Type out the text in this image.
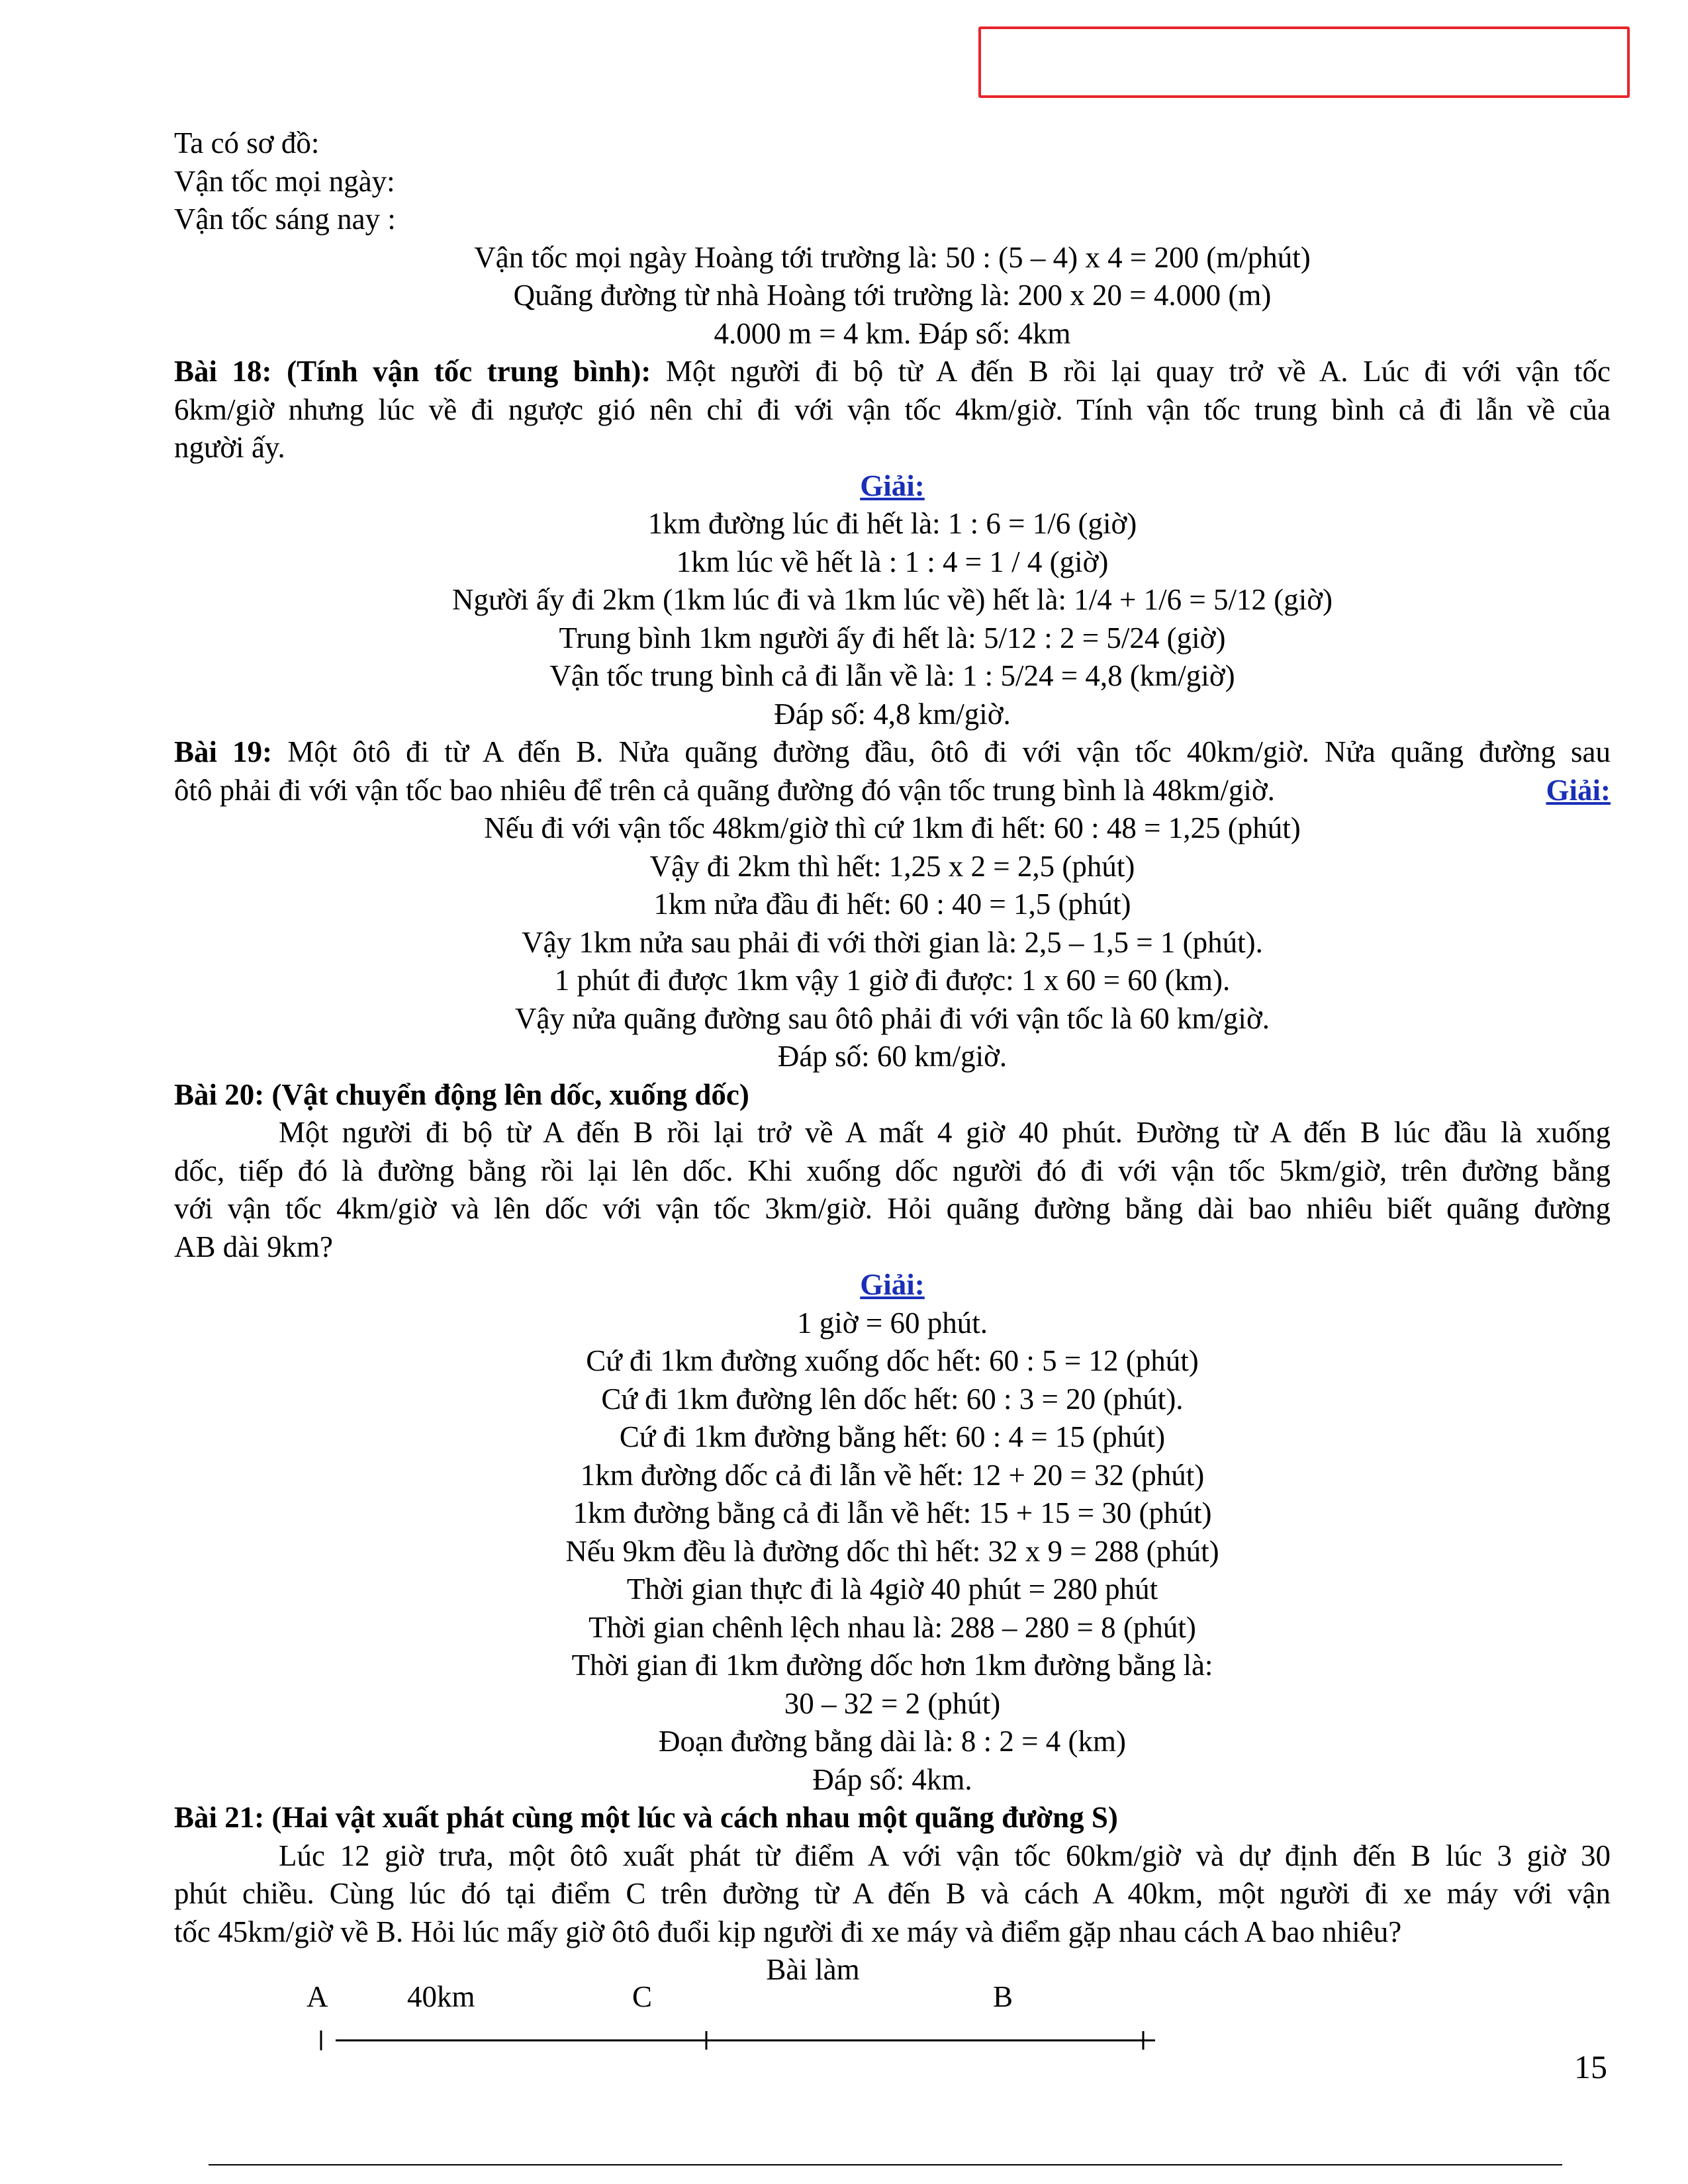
Ta có sơ đồ:

Vận tốc mọi ngày:

Vận tốc sáng nay :

Vận tốc mọi ngày Hoàng tới trường là: 50 : (5 – 4) x 4 = 200 (m/phút)

Quãng đường từ nhà Hoàng tới trường là: 200 x 20 = 4.000 (m)

4.000 m = 4 km. Đáp số: 4km

Bài 18: (Tính vận tốc trung bình): Một người đi bộ từ A đến B rồi lại quay trở về A. Lúc đi với vận tốc

6km/giờ nhưng lúc về đi ngược gió nên chỉ đi với vận tốc 4km/giờ. Tính vận tốc trung bình cả đi lẫn về của

người ấy.

Giải:

1km đường lúc đi hết là: 1 : 6 = 1/6 (giờ)

1km lúc về hết là : 1 : 4 = 1 / 4 (giờ)

Người ấy đi 2km (1km lúc đi và 1km lúc về) hết là: 1/4 + 1/6 = 5/12 (giờ)

Trung bình 1km người ấy đi hết là: 5/12 : 2 = 5/24 (giờ)

Vận tốc trung bình cả đi lẫn về là: 1 : 5/24 = 4,8 (km/giờ)

Đáp số: 4,8 km/giờ.

Bài 19: Một ôtô đi từ A đến B. Nửa quãng đường đầu, ôtô đi với vận tốc 40km/giờ. Nửa quãng đường sau

ôtô phải đi với vận tốc bao nhiêu để trên cả quãng đường đó vận tốc trung bình là 48km/giờ.	Giải:

Nếu đi với vận tốc 48km/giờ thì cứ 1km đi hết: 60 : 48 = 1,25 (phút)

Vậy đi 2km thì hết: 1,25 x 2 = 2,5 (phút)

1km nửa đầu đi hết: 60 : 40 = 1,5 (phút)

Vậy 1km nửa sau phải đi với thời gian là: 2,5 – 1,5 = 1 (phút).

1 phút đi được 1km vậy 1 giờ đi được: 1 x 60 = 60 (km).

Vậy nửa quãng đường sau ôtô phải đi với vận tốc là 60 km/giờ.

Đáp số: 60 km/giờ.

Bài 20: (Vật chuyển động lên dốc, xuống dốc)

Một người đi bộ từ A đến B rồi lại trở về A mất 4 giờ 40 phút. Đường từ A đến B lúc đầu là xuống

dốc, tiếp đó là đường bằng rồi lại lên dốc. Khi xuống dốc người đó đi với vận tốc 5km/giờ, trên đường bằng

với vận tốc 4km/giờ và lên dốc với vận tốc 3km/giờ. Hỏi quãng đường bằng dài bao nhiêu biết quãng đường

AB dài 9km?

Giải:

1 giờ = 60 phút.

Cứ đi 1km đường xuống dốc hết: 60 : 5 = 12 (phút)

Cứ đi 1km đường lên dốc hết: 60 : 3 = 20 (phút).

Cứ đi 1km đường bằng hết: 60 : 4 = 15 (phút)

1km đường dốc cả đi lẫn về hết: 12 + 20 = 32 (phút)

1km đường bằng cả đi lẫn về hết: 15 + 15 = 30 (phút)

Nếu 9km đều là đường dốc thì hết: 32 x 9 = 288 (phút)

Thời gian thực đi là 4giờ 40 phút = 280 phút

Thời gian chênh lệch nhau là: 288 – 280 = 8 (phút)

Thời gian đi 1km đường dốc hơn 1km đường bằng là:

30 – 32 = 2 (phút)

Đoạn đường bằng dài là: 8 : 2 = 4 (km)

Đáp số: 4km.

Bài 21: (Hai vật xuất phát cùng một lúc và cách nhau một quãng đường S)

Lúc 12 giờ trưa, một ôtô xuất phát từ điểm A với vận tốc 60km/giờ và dự định đến B lúc 3 giờ 30

phút chiều. Cùng lúc đó tại điểm C trên đường từ A đến B và cách A 40km, một người đi xe máy với vận

tốc 45km/giờ về B. Hỏi lúc mấy giờ ôtô đuổi kịp người đi xe máy và điểm gặp nhau cách A bao nhiêu?

Bài làm

A	40km	C	B
15
